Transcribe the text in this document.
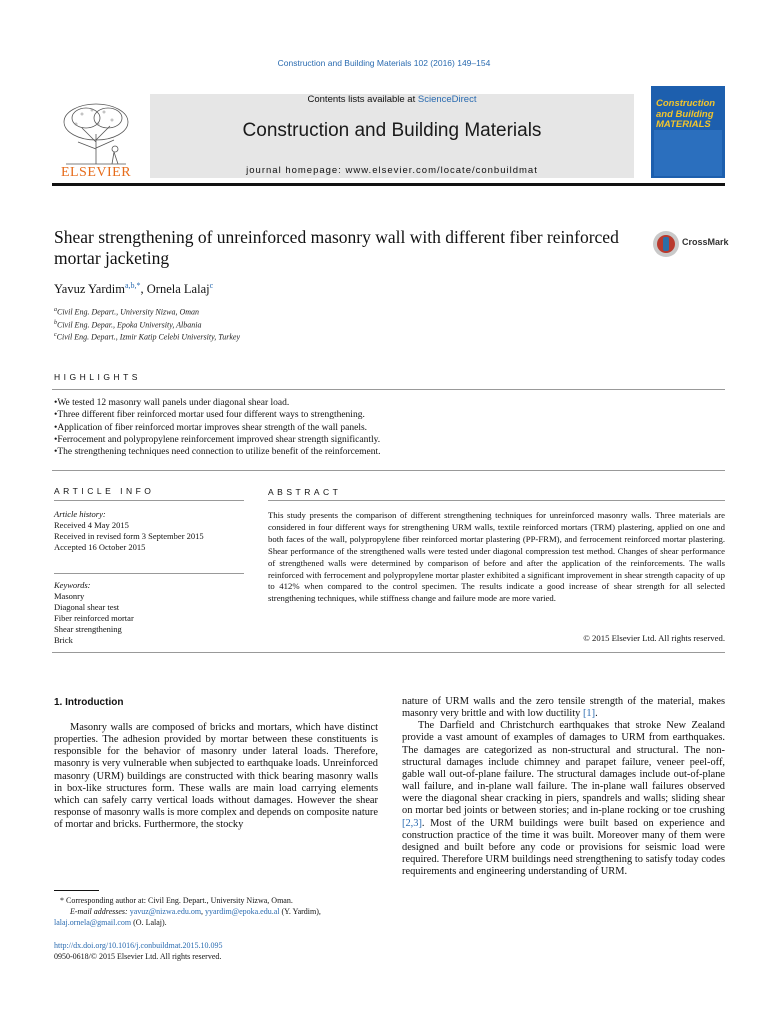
Construction and Building Materials 102 (2016) 149–154
ELSEVIER
Contents lists available at ScienceDirect
Construction and Building Materials
journal homepage: www.elsevier.com/locate/conbuildmat
Construction and Building MATERIALS
Shear strengthening of unreinforced masonry wall with different fiber reinforced mortar jacketing
CrossMark
Yavuz Yardim$^{a,b,*}$, Ornela Lalaj$^c$
$^a$Civil Eng. Depart., University Nizwa, Oman
$^b$Civil Eng. Depar., Epoka University, Albania
$^c$Civil Eng. Depart., Izmir Katip Celebi University, Turkey
HIGHLIGHTS
• We tested 12 masonry wall panels under diagonal shear load.
• Three different fiber reinforced mortar used four different ways to strengthening.
• Application of fiber reinforced mortar improves shear strength of the wall panels.
• Ferrocement and polypropylene reinforcement improved shear strength significantly.
• The strengthening techniques need connection to utilize benefit of the reinforcement.
ARTICLE INFO
Article history:
Received 4 May 2015
Received in revised form 3 September 2015
Accepted 16 October 2015
Keywords:
Masonry
Diagonal shear test
Fiber reinforced mortar
Shear strengthening
Brick
ABSTRACT
This study presents the comparison of different strengthening techniques for unreinforced masonry walls. Three materials are considered in four different ways for strengthening URM walls, textile reinforced mortars (TRM) plastering, applied on one and both faces of the wall, polypropylene fiber reinforced mortar plastering (PP-FRM), and ferrocement reinforced mortar plastering. Shear performance of the strengthened walls were tested under diagonal compression test method. Changes of shear performance of strengthened walls were determined by comparison of before and after the application of the reinforcements. The walls reinforced with ferrocement and polypropylene mortar plaster exhibited a significant improvement in shear strength capacity of up to 412% when compared to the control specimen. The results indicate a good increase of shear strength for all selected strengthening techniques, while stiffness change and failure mode are more varied.
© 2015 Elsevier Ltd. All rights reserved.
1. Introduction
Masonry walls are composed of bricks and mortars, which have distinct properties. The adhesion provided by mortar between these constituents is responsible for the behavior of masonry under lateral loads. Therefore, masonry is very vulnerable when subjected to earthquake loads. Unreinforced masonry (URM) buildings are constructed with thick bearing masonry walls in box-like structures form. These walls are main load carrying elements which can safely carry vertical loads without damages. However the shear response of masonry walls is more complex and depends on composite nature of mortar and bricks. Furthermore, the stocky
nature of URM walls and the zero tensile strength of the material, makes masonry very brittle and with low ductility [1].
The Darfield and Christchurch earthquakes that stroke New Zealand provide a vast amount of examples of damages to URM from earthquakes. The damages are categorized as non-structural and structural. The non-structural damages include chimney and parapet failure, veneer peel-off, gable wall out-of-plane failure. The structural damages include out-of-plane wall failure, and in-plane wall failure. The in-plane wall failures observed were the diagonal shear cracking in piers, spandrels and walls; sliding shear on mortar bed joints or between stories; and in-plane rocking or toe crushing [2,3]. Most of the URM buildings were built based on experience and construction practice of the time it was built. Moreover many of them were designed and built before any code or provisions for seismic load were required. Therefore URM buildings need strengthening to satisfy today codes requirements and engineering understanding of URM.
* Corresponding author at: Civil Eng. Depart., University Nizwa, Oman.
E-mail addresses: yavuz@nizwa.edu.om, yyardim@epoka.edu.al (Y. Yardim),
lalaj.ornela@gmail.com (O. Lalaj).
http://dx.doi.org/10.1016/j.conbuildmat.2015.10.095
0950-0618/© 2015 Elsevier Ltd. All rights reserved.
